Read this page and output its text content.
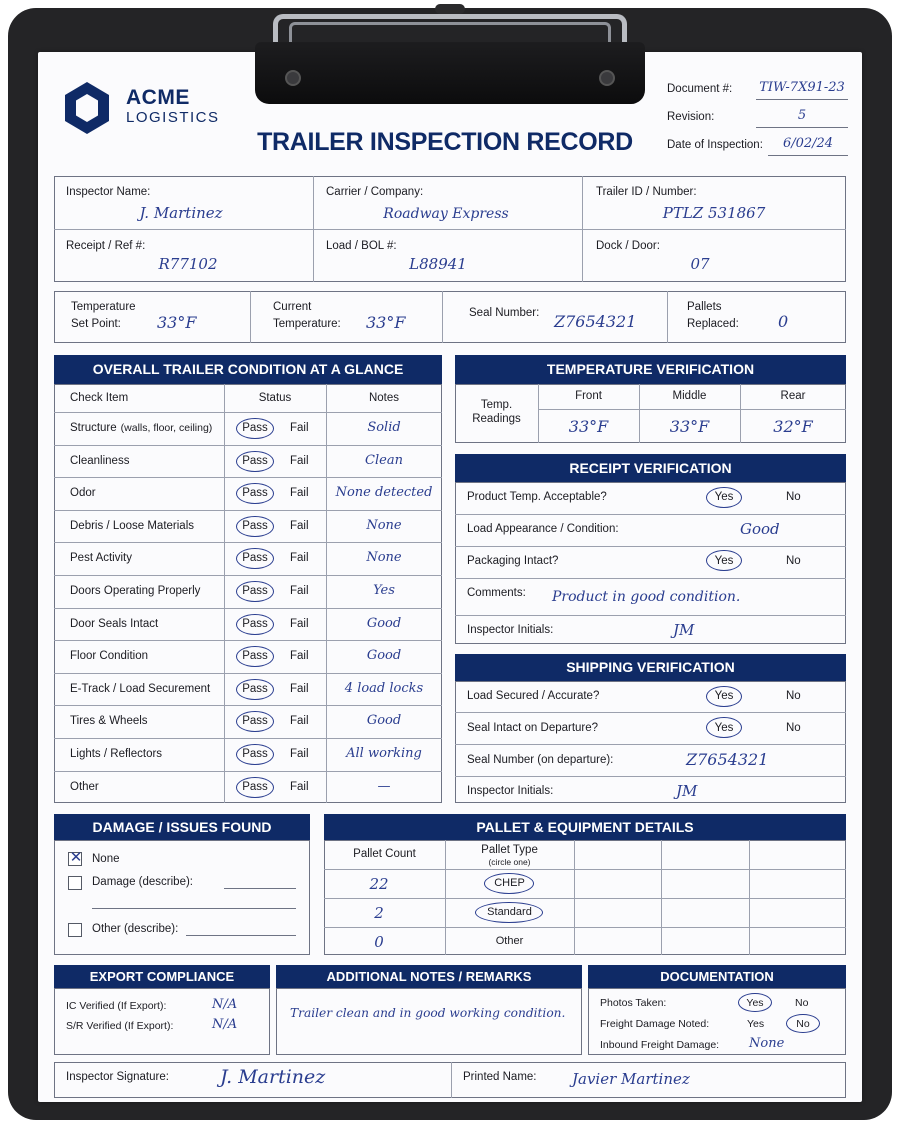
ACME
LOGISTICS
TRAILER INSPECTION RECORD
Document #: TIW-7X91-23
Revision:	5
Date of Inspection:	6/02/24
Inspector Name:
J. Martinez
Carrier / Company:
Roadway Express
Trailer ID / Number:
PTLZ 531867
Receipt / Ref #:
R77102
Load / BOL #:
L88941
Dock / Door:
07
Temperature
Set Point: 33°F
Current
Temperature: 33°F	Seal Number: Z7654321
Pallets
Replaced: 0
OVERALL TRAILER CONDITION AT A GLANCE
Check Item	Status	Notes
Structure (walls, floor, ceiling)	Pass	Fail	Solid
Cleanliness	Pass	Fail	Clean
Odor	Pass	Fail	None detected
Debris / Loose Materials	Pass	Fail	None
Pest Activity	Pass	Fail	None
Doors Operating Properly	Pass	Fail	Yes
Door Seals Intact	Pass	Fail	Good
Floor Condition	Pass	Fail	Good
E-Track / Load Securement	Pass	Fail	4 load locks
Tires & Wheels	Pass	Fail	Good
Lights / Reflectors	Pass	Fail	All working
Other	Pass	Fail	—
TEMPERATURE VERIFICATION
Temp.
Readings
Front	Middle	Rear
33°F	33°F	32°F
RECEIPT VERIFICATION
Product Temp. Acceptable?	Yes	No
Load Appearance / Condition:	Good
Packaging Intact?	Yes	No
Comments: Product in good condition.
Inspector Initials:	JM
SHIPPING VERIFICATION
Load Secured / Accurate?	Yes	No
Seal Intact on Departure?	Yes	No
Seal Number (on departure):	Z7654321
Inspector Initials:	JM
DAMAGE / ISSUES FOUND
✕ None
Damage (describe):
Other (describe):
PALLET & EQUIPMENT DETAILS
Pallet Count	Pallet Type
(circle one)
22	CHEP
2	Standard
0	Other
EXPORT COMPLIANCE
IC Verified (If Export):	N/A
S/R Verified (If Export):	N/A
ADDITIONAL NOTES / REMARKS
Trailer clean and in good working condition.
DOCUMENTATION
Photos Taken:	Yes	No
Freight Damage Noted:	Yes	No
Inbound Freight Damage: None
Inspector Signature:	J. Martinez	Printed Name: Javier Martinez
